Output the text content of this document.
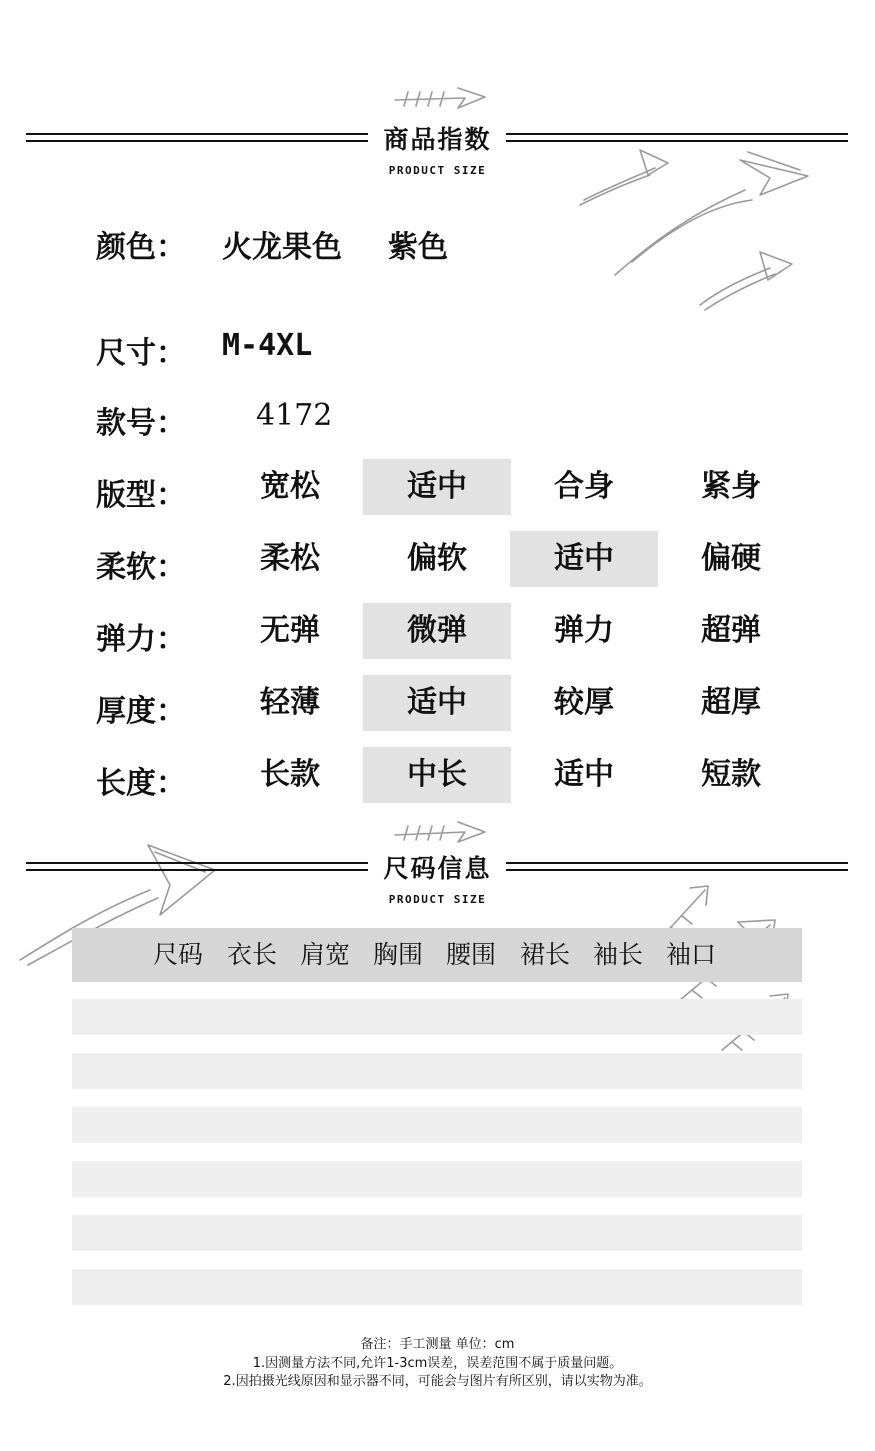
商品指数
PRODUCT SIZE
颜色： 火龙果色 紫色
尺寸： M-4XL
款号： 4172
版型：	宽松	适中	合身	紧身
柔软：	柔松	偏软	适中	偏硬
弹力：	无弹	微弹	弹力	超弹
厚度：	轻薄	适中	较厚	超厚
长度：	长款	中长	适中	短款
尺码信息
PRODUCT SIZE
尺码 衣长 肩宽 胸围 腰围 裙长 袖长 袖口
备注：手工测量 单位：cm
1.因测量方法不同,允许1-3cm误差，误差范围不属于质量问题。
2.因拍摄光线原因和显示器不同，可能会与图片有所区别，请以实物为准。
